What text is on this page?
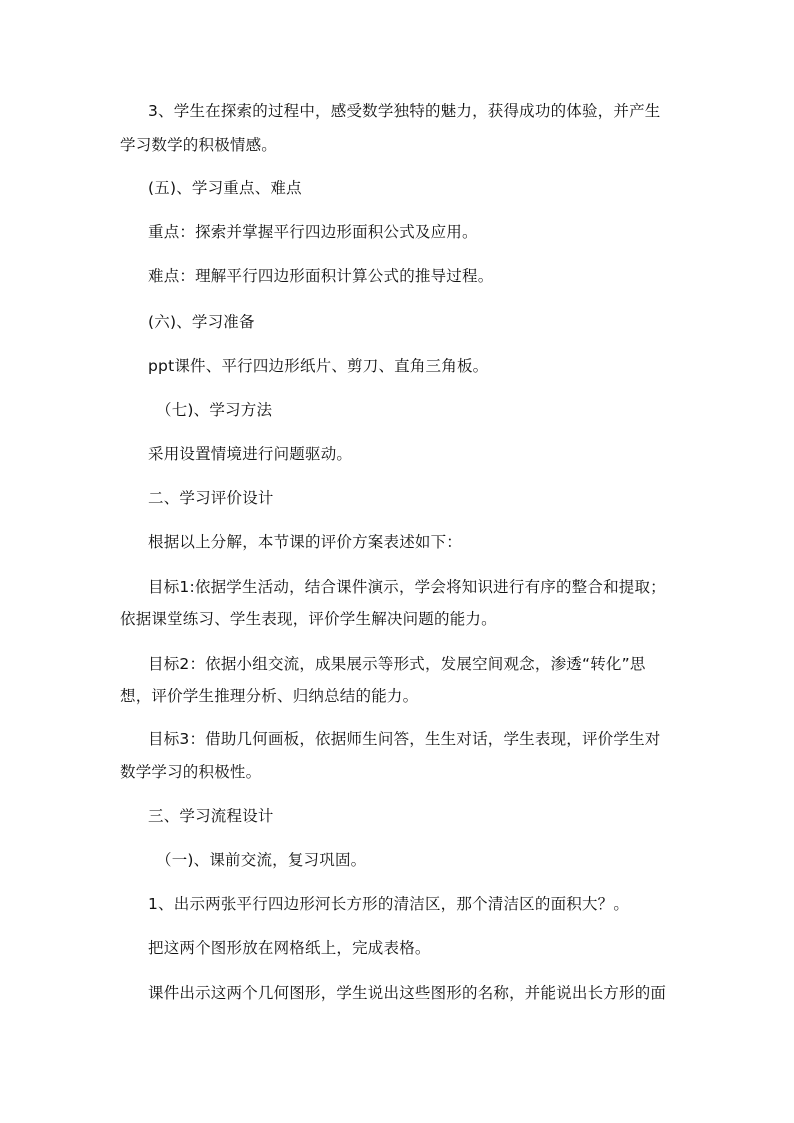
3、学生在探索的过程中，感受数学独特的魅力，获得成功的体验，并产生
学习数学的积极情感。
(五)、学习重点、难点
重点：探索并掌握平行四边形面积公式及应用。
难点：理解平行四边形面积计算公式的推导过程。
(六)、学习准备
ppt课件、平行四边形纸片、剪刀、直角三角板。
（七)、学习方法
采用设置情境进行问题驱动。
二、学习评价设计
根据以上分解，本节课的评价方案表述如下：
目标1:依据学生活动，结合课件演示，学会将知识进行有序的整合和提取；
依据课堂练习、学生表现，评价学生解决问题的能力。
目标2：依据小组交流，成果展示等形式，发展空间观念，渗透“转化”思
想，评价学生推理分析、归纳总结的能力。
目标3：借助几何画板，依据师生问答，生生对话，学生表现，评价学生对
数学学习的积极性。
三、学习流程设计
（一)、课前交流，复习巩固。
1、出示两张平行四边形河长方形的清洁区，那个清洁区的面积大？。
把这两个图形放在网格纸上，完成表格。
课件出示这两个几何图形，学生说出这些图形的名称，并能说出长方形的面
